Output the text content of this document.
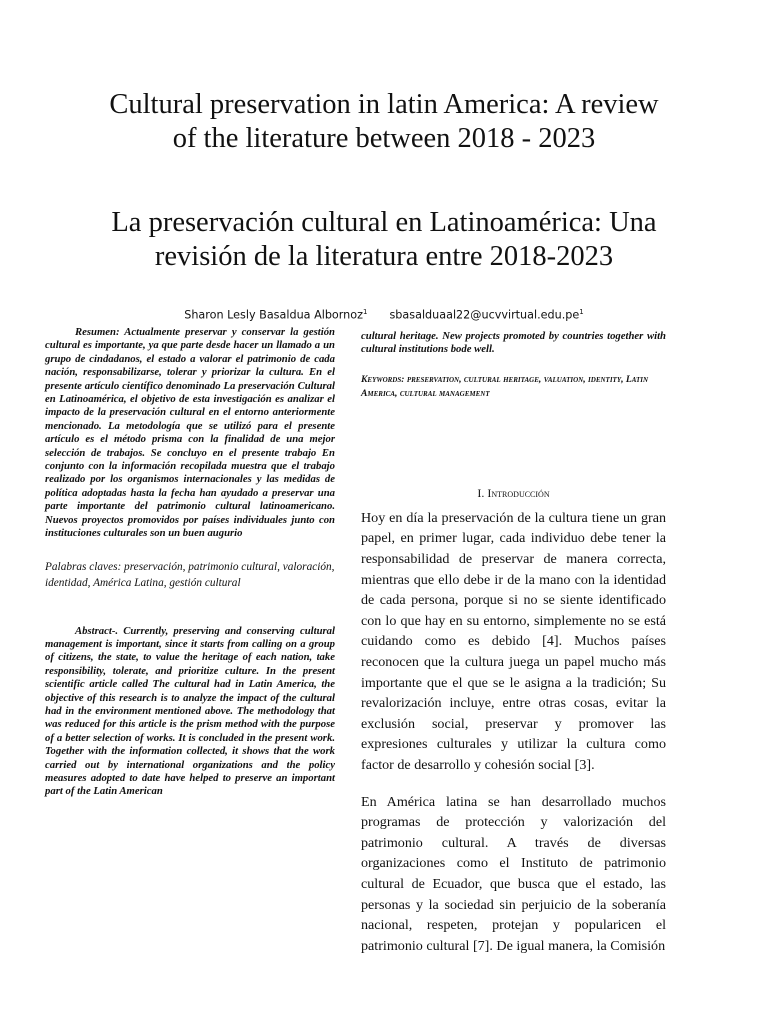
Cultural preservation in latin America: A review of the literature between 2018 - 2023
La preservación cultural en Latinoamérica: Una revisión de la literatura entre 2018-2023
Sharon Lesly Basaldua Albornoz$^1$ $sbasalduaal22@ucvvirtual.edu.pe^1$

Resumen: Actualmente preservar y conservar la gestión cultural es importante, ya que parte desde hacer un llamado a un grupo de cindadanos, el estado a valorar el patrimonio de cada nación, responsabilizarse, tolerar y priorizar la cultura. En el presente artículo científico denominado La preservación Cultural en Latinoamérica, el objetivo de esta investigación es analizar el impacto de la preservación cultural en el entorno anteriormente mencionado. La metodología que se utilizó para el presente artículo es el método prisma con la finalidad de una mejor selección de trabajos. Se concluyo en el presente trabajo En conjunto con la información recopilada muestra que el trabajo realizado por los organismos internacionales y las medidas de política adoptadas hasta la fecha han ayudado a preservar una parte importante del patrimonio cultural latinoamericano. Nuevos proyectos promovidos por países individuales junto con instituciones culturales son un buen augurio

Palabras claves: preservación, patrimonio cultural, valoración, identidad, América Latina, gestión cultural

Abstract-. Currently, preserving and conserving cultural management is important, since it starts from calling on a group of citizens, the state, to value the heritage of each nation, take responsibility, tolerate, and prioritize culture. In the present scientific article called The cultural had in Latin America, the objective of this research is to analyze the impact of the cultural had in the environment mentioned above. The methodology that was reduced for this article is the prism method with the purpose of a better selection of works. It is concluded in the present work. Together with the information collected, it shows that the work carried out by international organizations and the policy measures adopted to date have helped to preserve an important part of the Latin American

cultural heritage. New projects promoted by countries together with cultural institutions bode well.

Keywords: preservation, cultural heritage, valuation, identity, Latin America, cultural management

I. Introducción

Hoy en día la preservación de la cultura tiene un gran papel, en primer lugar, cada individuo debe tener la responsabilidad de preservar de manera correcta, mientras que ello debe ir de la mano con la identidad de cada persona, porque si no se siente identificado con lo que hay en su entorno, simplemente no se está cuidando como es debido [4]. Muchos países reconocen que la cultura juega un papel mucho más importante que el que se le asigna a la tradición; Su revalorización incluye, entre otras cosas, evitar la exclusión social, preservar y promover las expresiones culturales y utilizar la cultura como factor de desarrollo y cohesión social [3].

En América latina se han desarrollado muchos programas de protección y valorización del patrimonio cultural. A través de diversas organizaciones como el Instituto de patrimonio cultural de Ecuador, que busca que el estado, las personas y la sociedad sin perjuicio de la soberanía nacional, respeten, protejan y popularicen el patrimonio cultural [7]. De igual manera, la Comisión
